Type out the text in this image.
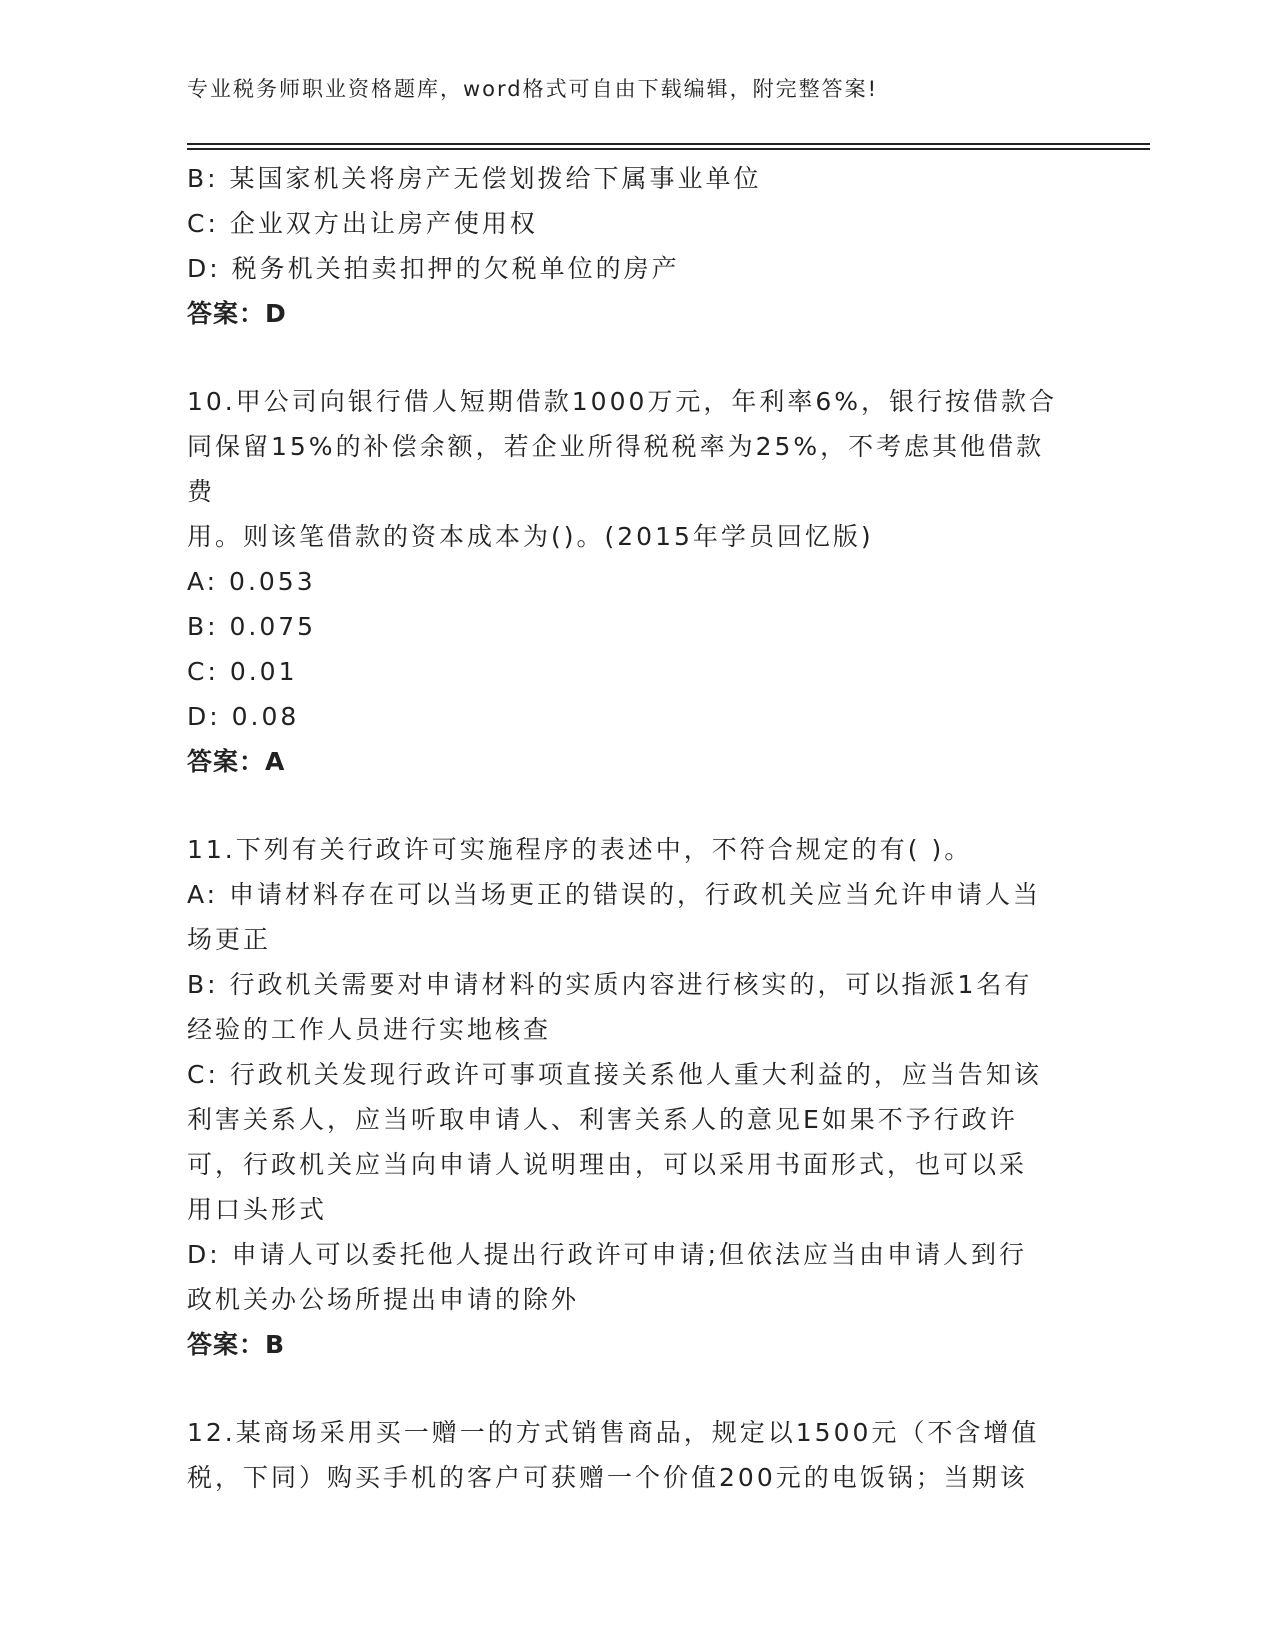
专业税务师职业资格题库，word格式可自由下载编辑，附完整答案!

B: 某国家机关将房产无偿划拨给下属事业单位

C: 企业双方出让房产使用权

D: 税务机关拍卖扣押的欠税单位的房产

答案：D

10.甲公司向银行借人短期借款1000万元，年利率6%，银行按借款合

同保留15%的补偿余额，若企业所得税税率为25%，不考虑其他借款费

用。则该笔借款的资本成本为()。(2015年学员回忆版)

A: 0.053

B: 0.075

C: 0.01

D: 0.08

答案：A

11.下列有关行政许可实施程序的表述中，不符合规定的有( )。

A: 申请材料存在可以当场更正的错误的，行政机关应当允许申请人当

场更正

B: 行政机关需要对申请材料的实质内容进行核实的，可以指派1名有

经验的工作人员进行实地核查

C: 行政机关发现行政许可事项直接关系他人重大利益的，应当告知该

利害关系人，应当听取申请人、利害关系人的意见E如果不予行政许

可，行政机关应当向申请人说明理由，可以采用书面形式，也可以采

用口头形式

D: 申请人可以委托他人提出行政许可申请;但依法应当由申请人到行

政机关办公场所提出申请的除外

答案：B

12.某商场采用买一赠一的方式销售商品，规定以1500元（不含增值

税，下同）购买手机的客户可获赠一个价值200元的电饭锅；当期该
